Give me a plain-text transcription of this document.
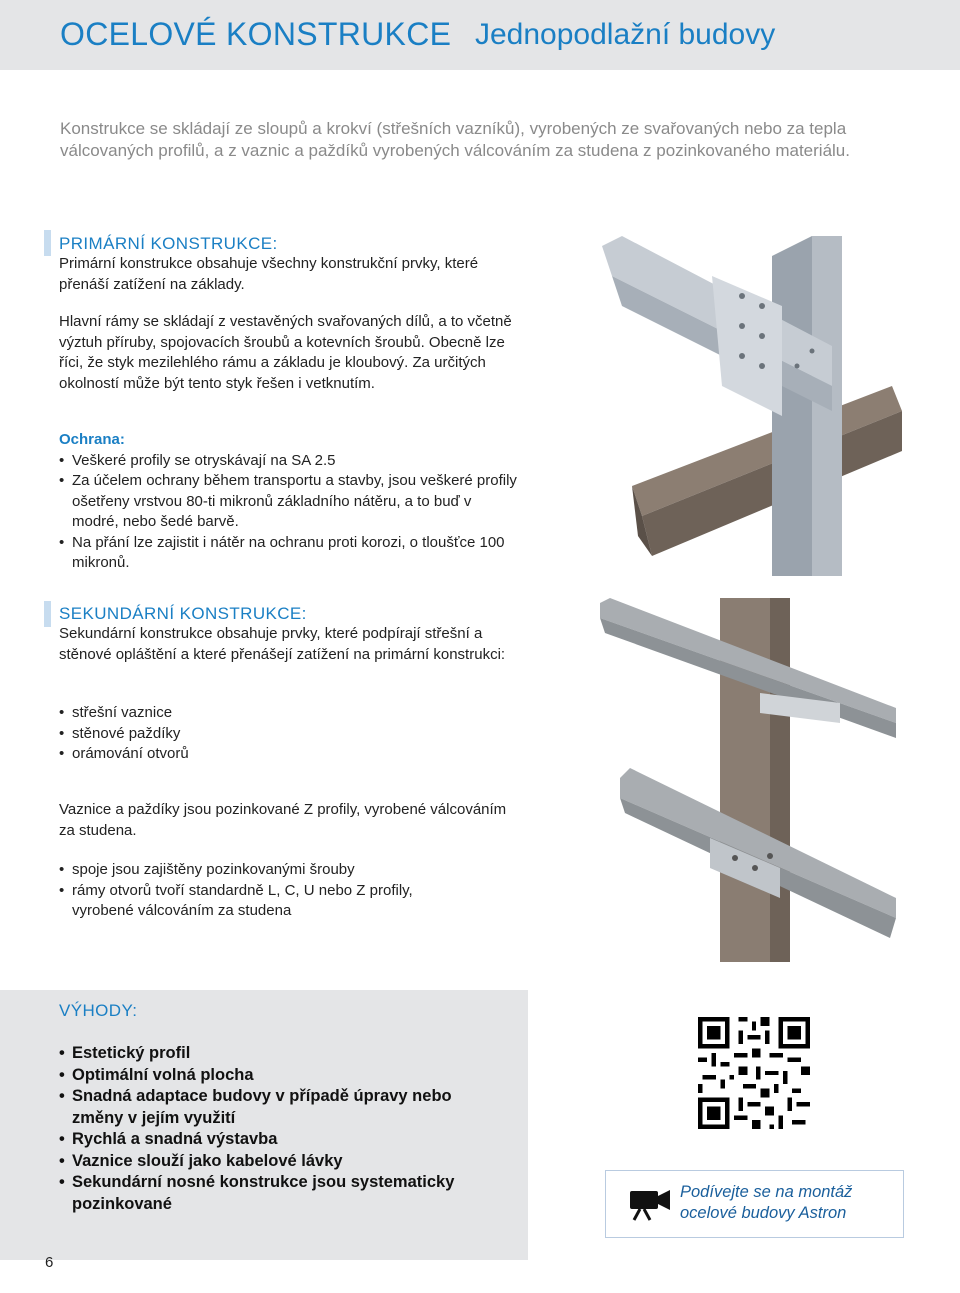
OCELOVÉ KONSTRUKCE Jednopodlažní budovy
Konstrukce se skládají ze sloupů a krokví (střešních vazníků), vyrobených ze svařovaných nebo za tepla válcovaných profilů, a z vaznic a paždíků vyrobených válcováním za studena z pozinkovaného materiálu.
PRIMÁRNÍ KONSTRUKCE:
Primární konstrukce obsahuje všechny konstrukční prvky, které přenáší zatížení na základy.
Hlavní rámy se skládají z vestavěných svařovaných dílů, a to včetně výztuh příruby, spojovacích šroubů a kotevních šroubů. Obecně lze říci, že styk mezilehlého rámu a základu je kloubový. Za určitých okolností může být tento styk řešen i vetknutím.
Ochrana:
• Veškeré profily se otryskávají na SA 2.5
• Za účelem ochrany během transportu a stavby, jsou veškeré profily ošetřeny vrstvou 80-ti mikronů základního nátěru, a to buď v modré, nebo šedé barvě.
• Na přání lze zajistit i nátěr na ochranu proti korozi, o tloušťce 100 mikronů.
SEKUNDÁRNÍ KONSTRUKCE:
Sekundární konstrukce obsahuje prvky, které podpírají střešní a stěnové opláštění a které přenášejí zatížení na primární konstrukci:
• střešní vaznice
• stěnové paždíky
• orámování otvorů
Vaznice a paždíky jsou pozinkované Z profily, vyrobené válcováním za studena.
• spoje jsou zajištěny pozinkovanými šrouby
• rámy otvorů tvoří standardně L, C, U nebo Z profily, vyrobené válcováním za studena
VÝHODY:
• Estetický profil
• Optimální volná plocha
• Snadná adaptace budovy v případě úpravy nebo změny v jejím využití
• Rychlá a snadná výstavba
• Vaznice slouží jako kabelové lávky
• Sekundární nosné konstrukce jsou systematicky pozinkované
Podívejte se na montáž ocelové budovy Astron
6
